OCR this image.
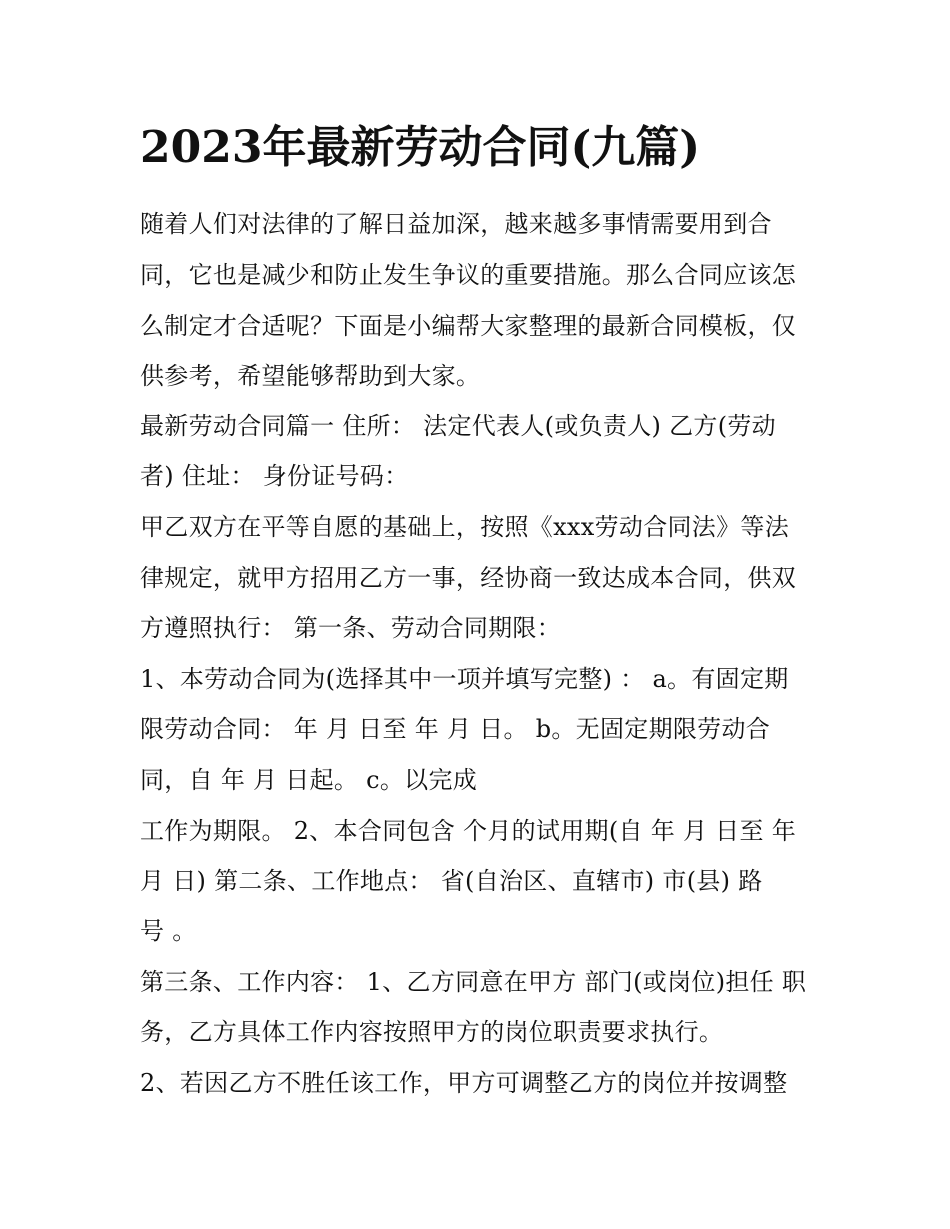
2023年最新劳动合同(九篇)

随着人们对法律的了解日益加深，越来越多事情需要用到合

同，它也是减少和防止发生争议的重要措施。那么合同应该怎

么制定才合适呢？下面是小编帮大家整理的最新合同模板，仅

供参考，希望能够帮助到大家。

最新劳动合同篇一 住所： 法定代表人(或负责人) 乙方(劳动

者) 住址： 身份证号码：

甲乙双方在平等自愿的基础上，按照《xxx劳动合同法》等法

律规定，就甲方招用乙方一事，经协商一致达成本合同，供双

方遵照执行： 第一条、劳动合同期限：

1、本劳动合同为(选择其中一项并填写完整) ： a。有固定期

限劳动合同： 年 月 日至 年 月 日。 b。无固定期限劳动合

同，自 年 月 日起。 c。以完成

工作为期限。 2、本合同包含 个月的试用期(自 年 月 日至 年

月 日) 第二条、工作地点： 省(自治区、直辖市) 市(县) 路

号 。

第三条、工作内容： 1、乙方同意在甲方 部门(或岗位)担任 职

务，乙方具体工作内容按照甲方的岗位职责要求执行。

2、若因乙方不胜任该工作，甲方可调整乙方的岗位并按调整
